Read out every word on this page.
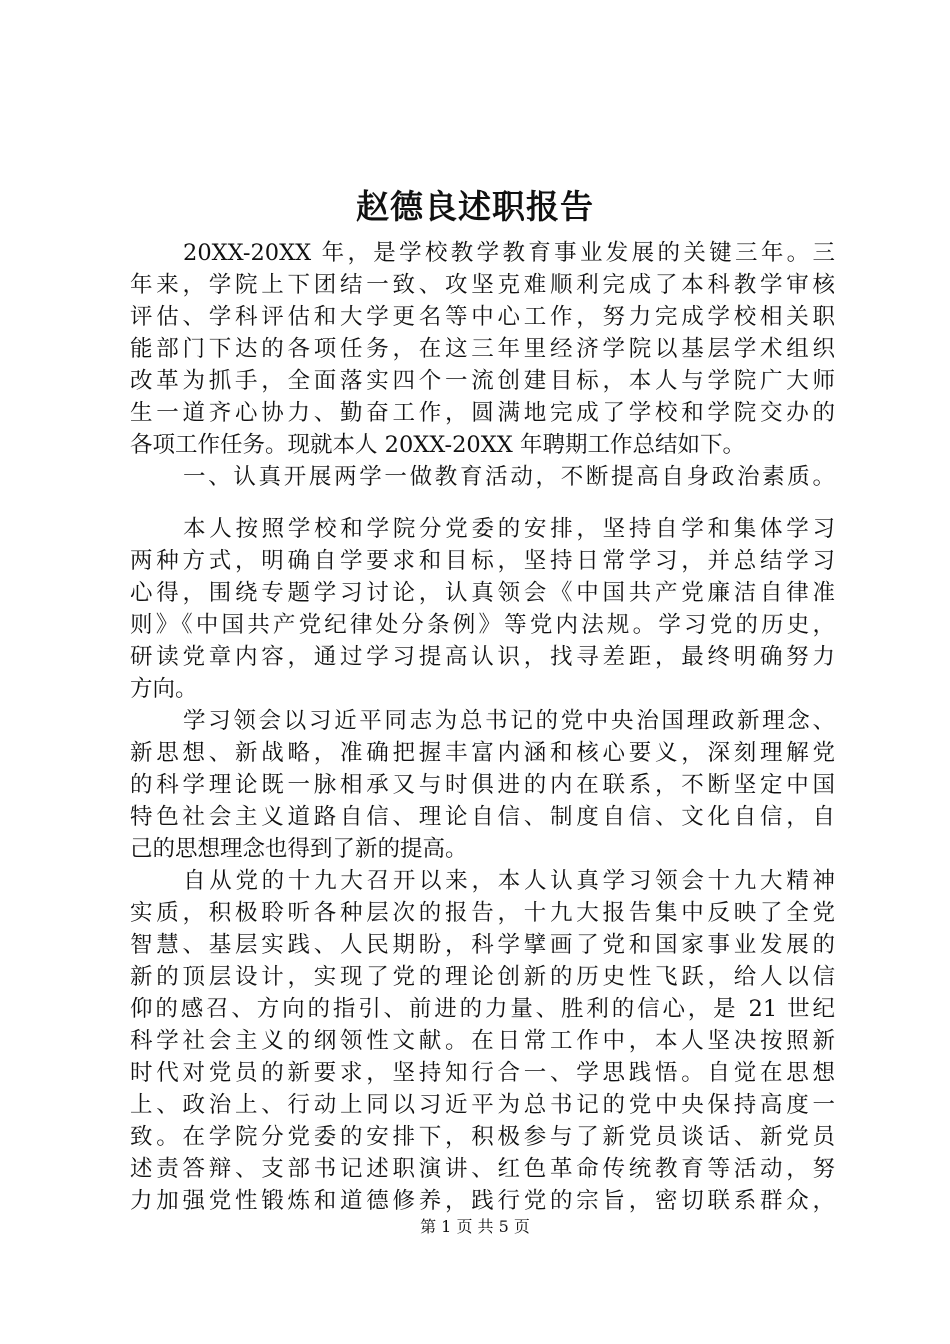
赵德良述职报告
20XX-20XX 年，是学校教学教育事业发展的关键三年。三
年来，学院上下团结一致、攻坚克难顺利完成了本科教学审核
评估、学科评估和大学更名等中心工作，努力完成学校相关职
能部门下达的各项任务，在这三年里经济学院以基层学术组织
改革为抓手，全面落实四个一流创建目标，本人与学院广大师
生一道齐心协力、勤奋工作，圆满地完成了学校和学院交办的
各项工作任务。现就本人 20XX-20XX 年聘期工作总结如下。
一、认真开展两学一做教育活动，不断提高自身政治素质。
本人按照学校和学院分党委的安排，坚持自学和集体学习
两种方式，明确自学要求和目标，坚持日常学习，并总结学习
心得，围绕专题学习讨论，认真领会《中国共产党廉洁自律准
则》《中国共产党纪律处分条例》等党内法规。学习党的历史，
研读党章内容，通过学习提高认识，找寻差距，最终明确努力
方向。
学习领会以习近平同志为总书记的党中央治国理政新理念、
新思想、新战略，准确把握丰富内涵和核心要义，深刻理解党
的科学理论既一脉相承又与时俱进的内在联系，不断坚定中国
特色社会主义道路自信、理论自信、制度自信、文化自信，自
己的思想理念也得到了新的提高。
自从党的十九大召开以来，本人认真学习领会十九大精神
实质，积极聆听各种层次的报告，十九大报告集中反映了全党
智慧、基层实践、人民期盼，科学擘画了党和国家事业发展的
新的顶层设计，实现了党的理论创新的历史性飞跃，给人以信
仰的感召、方向的指引、前进的力量、胜利的信心，是 21 世纪
科学社会主义的纲领性文献。在日常工作中，本人坚决按照新
时代对党员的新要求，坚持知行合一、学思践悟。自觉在思想
上、政治上、行动上同以习近平为总书记的党中央保持高度一
致。在学院分党委的安排下，积极参与了新党员谈话、新党员
述责答辩、支部书记述职演讲、红色革命传统教育等活动，努
力加强党性锻炼和道德修养，践行党的宗旨，密切联系群众，
第 1 页 共 5 页
